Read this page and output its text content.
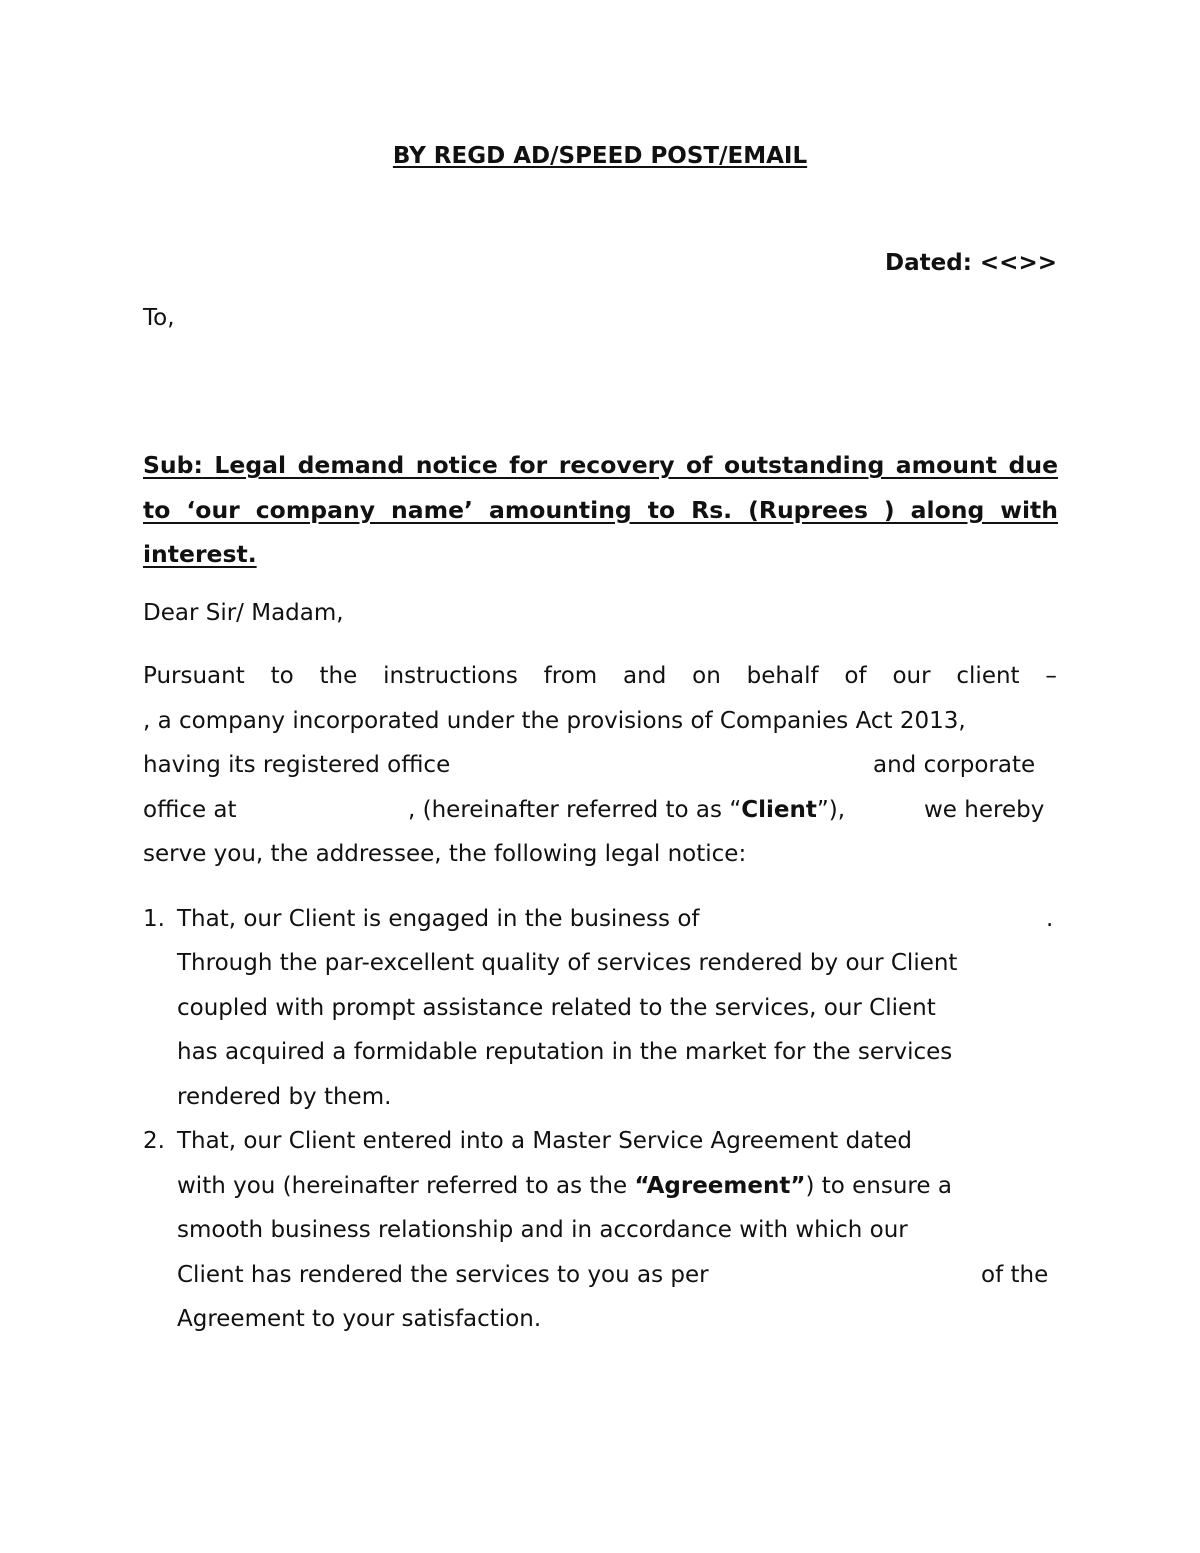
BY REGD AD/SPEED POST/EMAIL
Dated: <<>>
To,
Sub: Legal demand notice for recovery of outstanding amount due to ‘our company name’ amounting to Rs. (Ruprees ) along with interest.
Dear Sir/ Madam,
Pursuant to the instructions from and on behalf of our client –
, a company incorporated under the provisions of Companies Act 2013,
having its registered office	and corporate
office at	, (hereinafter referred to as “Client”),	we hereby
serve you, the addressee, the following legal notice:
1. That, our Client is engaged in the business of	.
Through the par-excellent quality of services rendered by our Client
coupled with prompt assistance related to the services, our Client
has acquired a formidable reputation in the market for the services
rendered by them.
2. That, our Client entered into a Master Service Agreement dated
with you (hereinafter referred to as the “Agreement”) to ensure a
smooth business relationship and in accordance with which our
Client has rendered the services to you as per	of the
Agreement to your satisfaction.
